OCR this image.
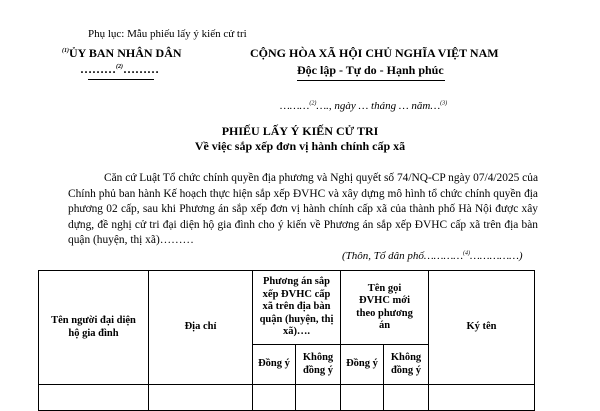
Phụ lục: Mẫu phiếu lấy ý kiến cử tri
$^{(1)}$ỦY BAN NHÂN DÂN
………$^{(2)}$………
CỘNG HÒA XÃ HỘI CHỦ NGHĨA VIỆT NAM
Độc lập - Tự do - Hạnh phúc
………$^{(2)}$…., ngày … tháng … năm…$^{(3)}$
PHIẾU LẤY Ý KIẾN CỬ TRI
Về việc sắp xếp đơn vị hành chính cấp xã
Căn cứ Luật Tổ chức chính quyền địa phương và Nghị quyết số 74/NQ-CP ngày 07/4/2025 của Chính phủ ban hành Kế hoạch thực hiện sắp xếp ĐVHC và xây dựng mô hình tổ chức chính quyền địa phương 02 cấp, sau khi Phương án sắp xếp đơn vị hành chính cấp xã của thành phố Hà Nội được xây dựng, đề nghị cử tri đại diện hộ gia đình cho ý kiến về Phương án sắp xếp ĐVHC cấp xã trên địa bàn quận (huyện, thị xã)………
(Thôn, Tổ dân phố…………$^{(4)}$……………)
Tên người đại diện hộ gia đình	Địa chỉ	Phương án sắp xếp ĐVHC cấp xã trên địa bàn quận (huyện, thị xã)….		Tên gọi ĐVHC mới theo phương án		Ký tên
		Đồng ý	Không đồng ý	Đồng ý	Không đồng ý	
